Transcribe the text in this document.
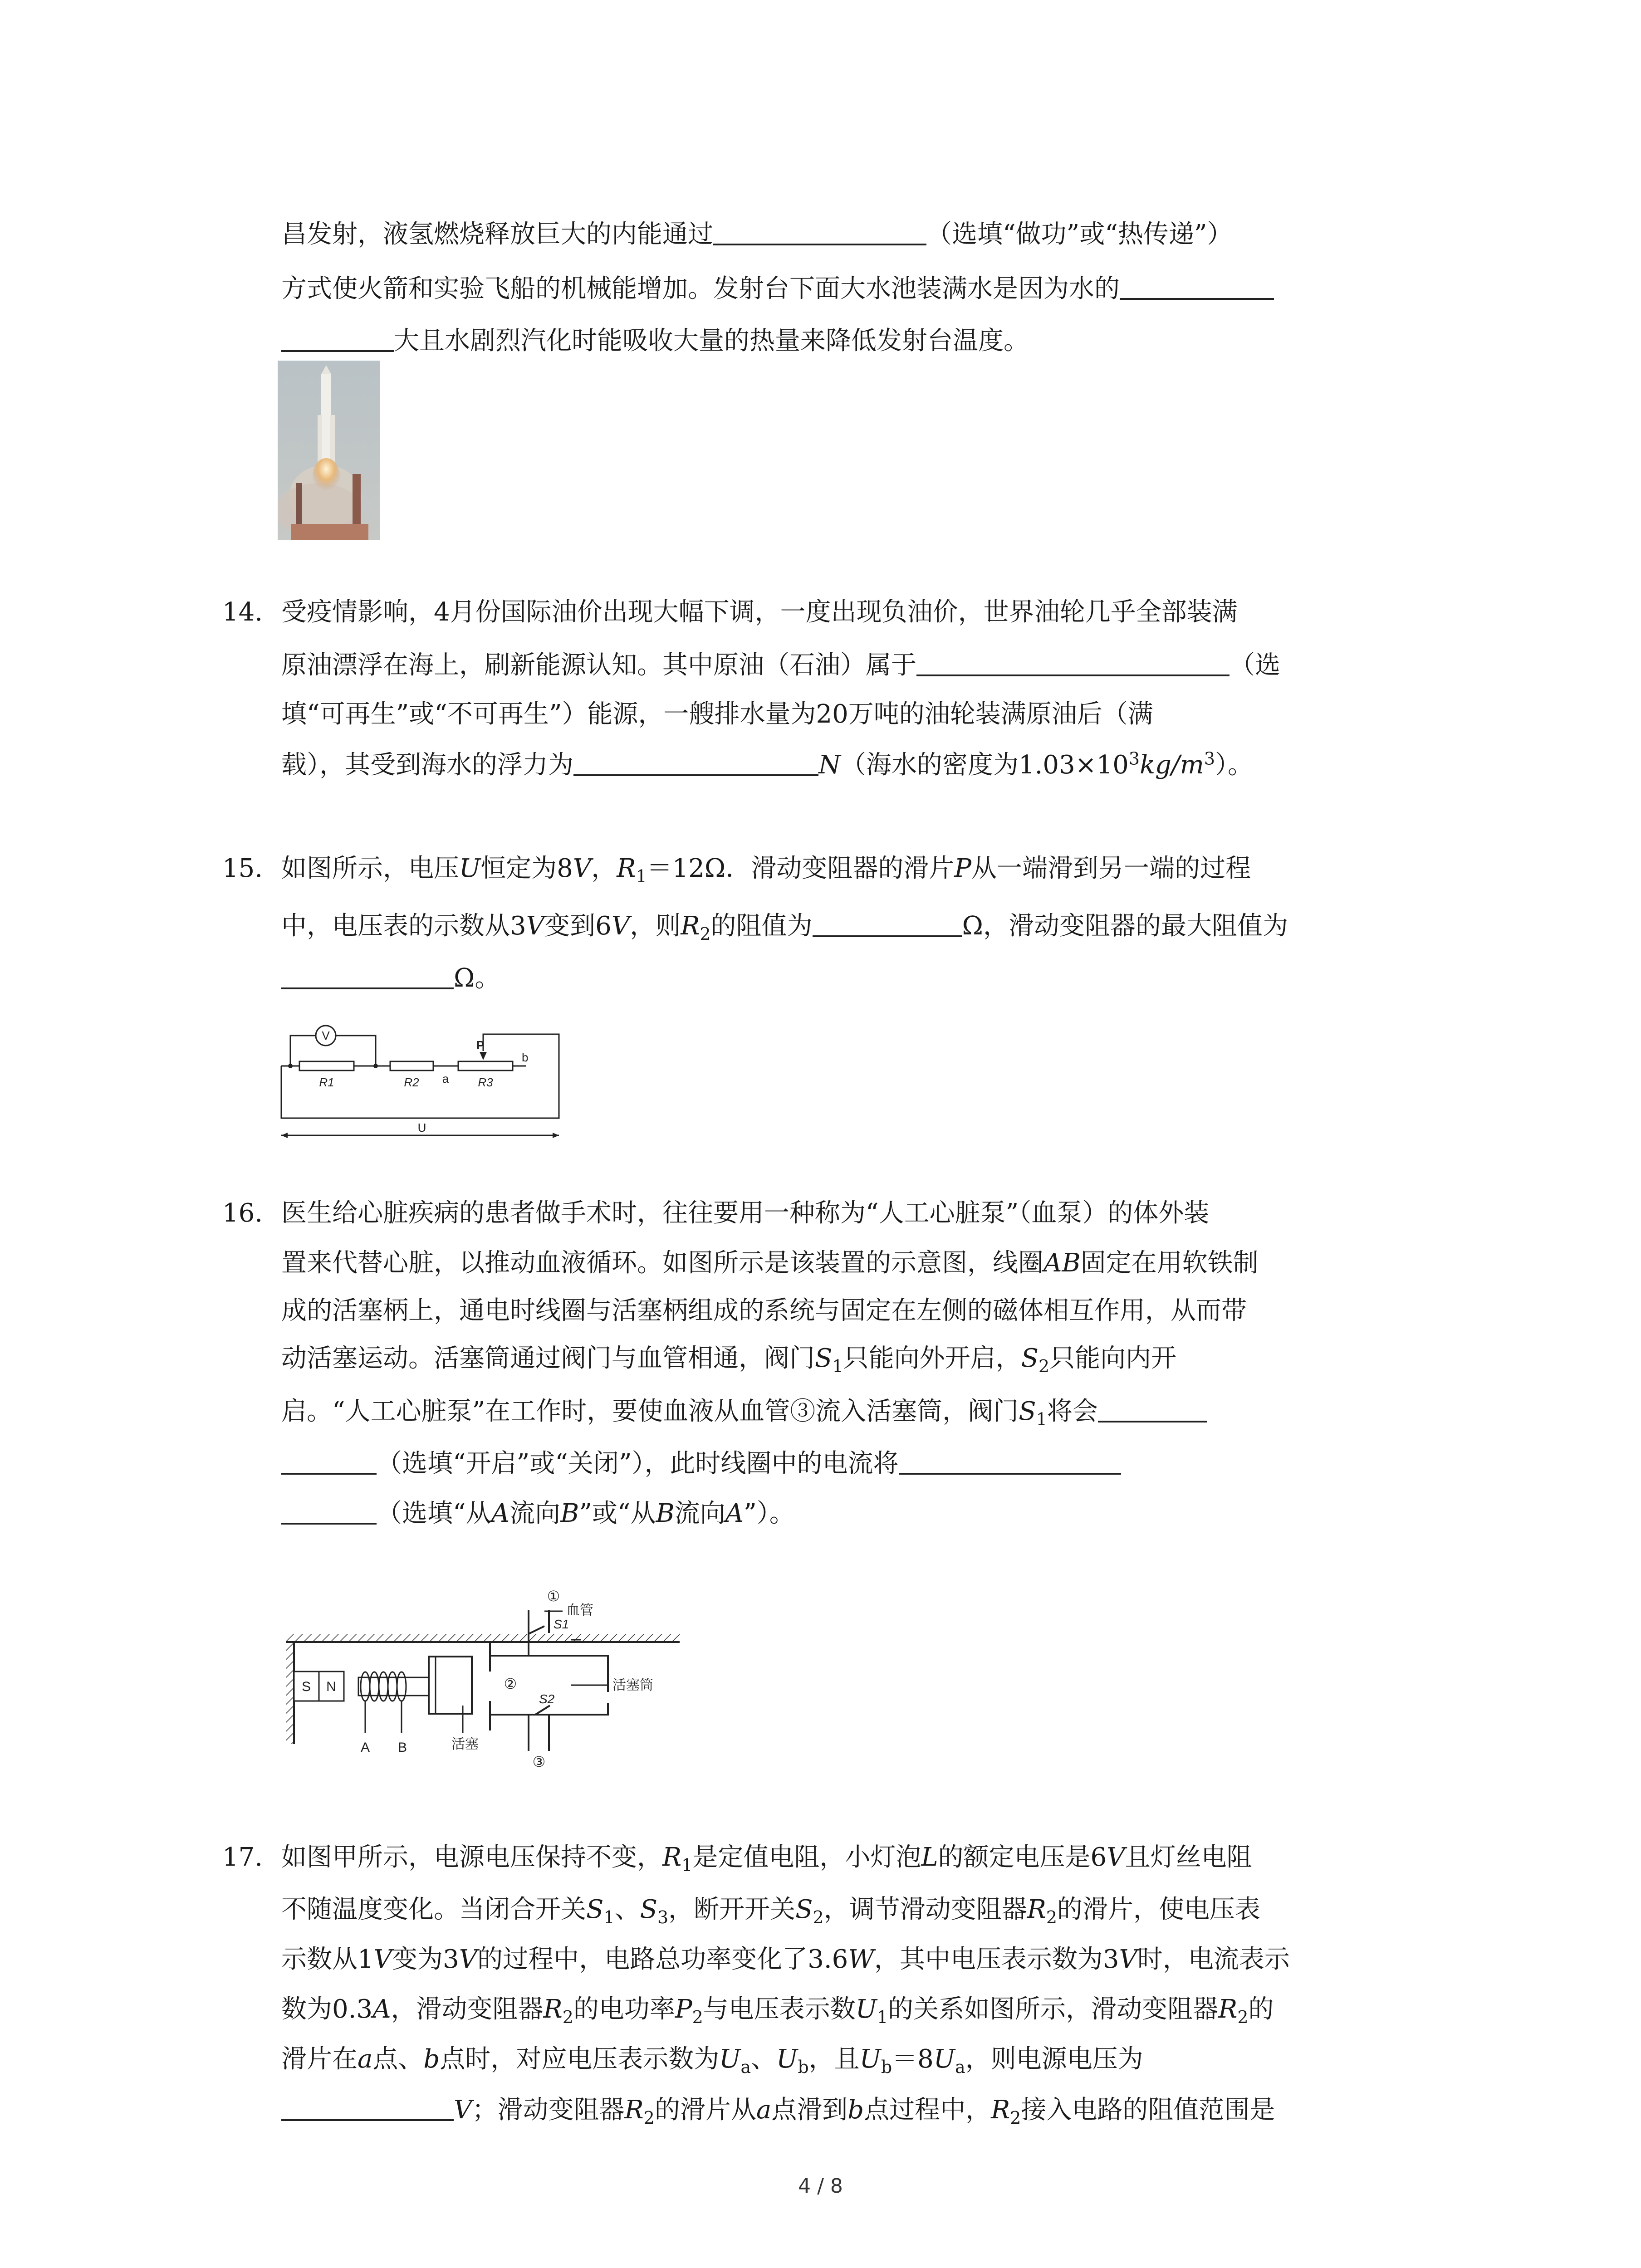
昌发射，液氢燃烧释放巨大的内能通过	（选填“做功”或“热传递”）
方式使火箭和实验飞船的机械能增加。发射台下面大水池装满水是因为水的
大且水剧烈汽化时能吸收大量的热量来降低发射台温度。
14. 受疫情影响，4月份国际油价出现大幅下调，一度出现负油价，世界油轮几乎全部装满
原油漂浮在海上，刷新能源认知。其中原油（石油）属于	（选
填“可再生”或“不可再生”）能源，一艘排水量为20万吨的油轮装满原油后（满
载），其受到海水的浮力为	N（海水的密度为$1.03\times 10^3kg/m^3$）。
15. 如图所示，电压U恒定为8V，$R_1=12\Omega$．滑动变阻器的滑片P从一端滑到另一端的过程
中，电压表的示数从3V变到6V，则$R_2$的阻值为	Ω，滑动变阻器的最大阻值为
Ω。
V
R1	R2	R3
a
b
P
U
16. 医生给心脏疾病的患者做手术时，往往要用一种称为“人工心脏泵”（血泵）的体外装
置来代替心脏，以推动血液循环。如图所示是该装置的示意图，线圈AB固定在用软铁制
成的活塞柄上，通电时线圈与活塞柄组成的系统与固定在左侧的磁体相互作用，从而带
动活塞运动。活塞筒通过阀门与血管相通，阀门$S_1$只能向外开启，$S_2$只能向内开
启。“人工心脏泵”在工作时，要使血液从血管③流入活塞筒，阀门$S_1$将会
（选填“开启”或“关闭”），此时线圈中的电流将
（选填“从A流向B”或“从B流向A”）。
S N
A B
①
②
③
S1
S2
血管
活塞筒
活塞
17. 如图甲所示，电源电压保持不变，$R_1$是定值电阻，小灯泡L的额定电压是6V且灯丝电阻
不随温度变化。当闭合开关$S_1$、$S_3$，断开开关$S_2$，调节滑动变阻器$R_2$的滑片，使电压表
示数从1V变为3V的过程中，电路总功率变化了3.6W，其中电压表示数为3V时，电流表示
数为0.3A，滑动变阻器$R_2$的电功率$P_2$与电压表示数$U_1$的关系如图所示，滑动变阻器$R_2$的
滑片在a点、b点时，对应电压表示数为$U_a$、$U_b$，且$U_b=8U_a$，则电源电压为
V；滑动变阻器$R_2$的滑片从a点滑到b点过程中，$R_2$接入电路的阻值范围是
4 / 8
